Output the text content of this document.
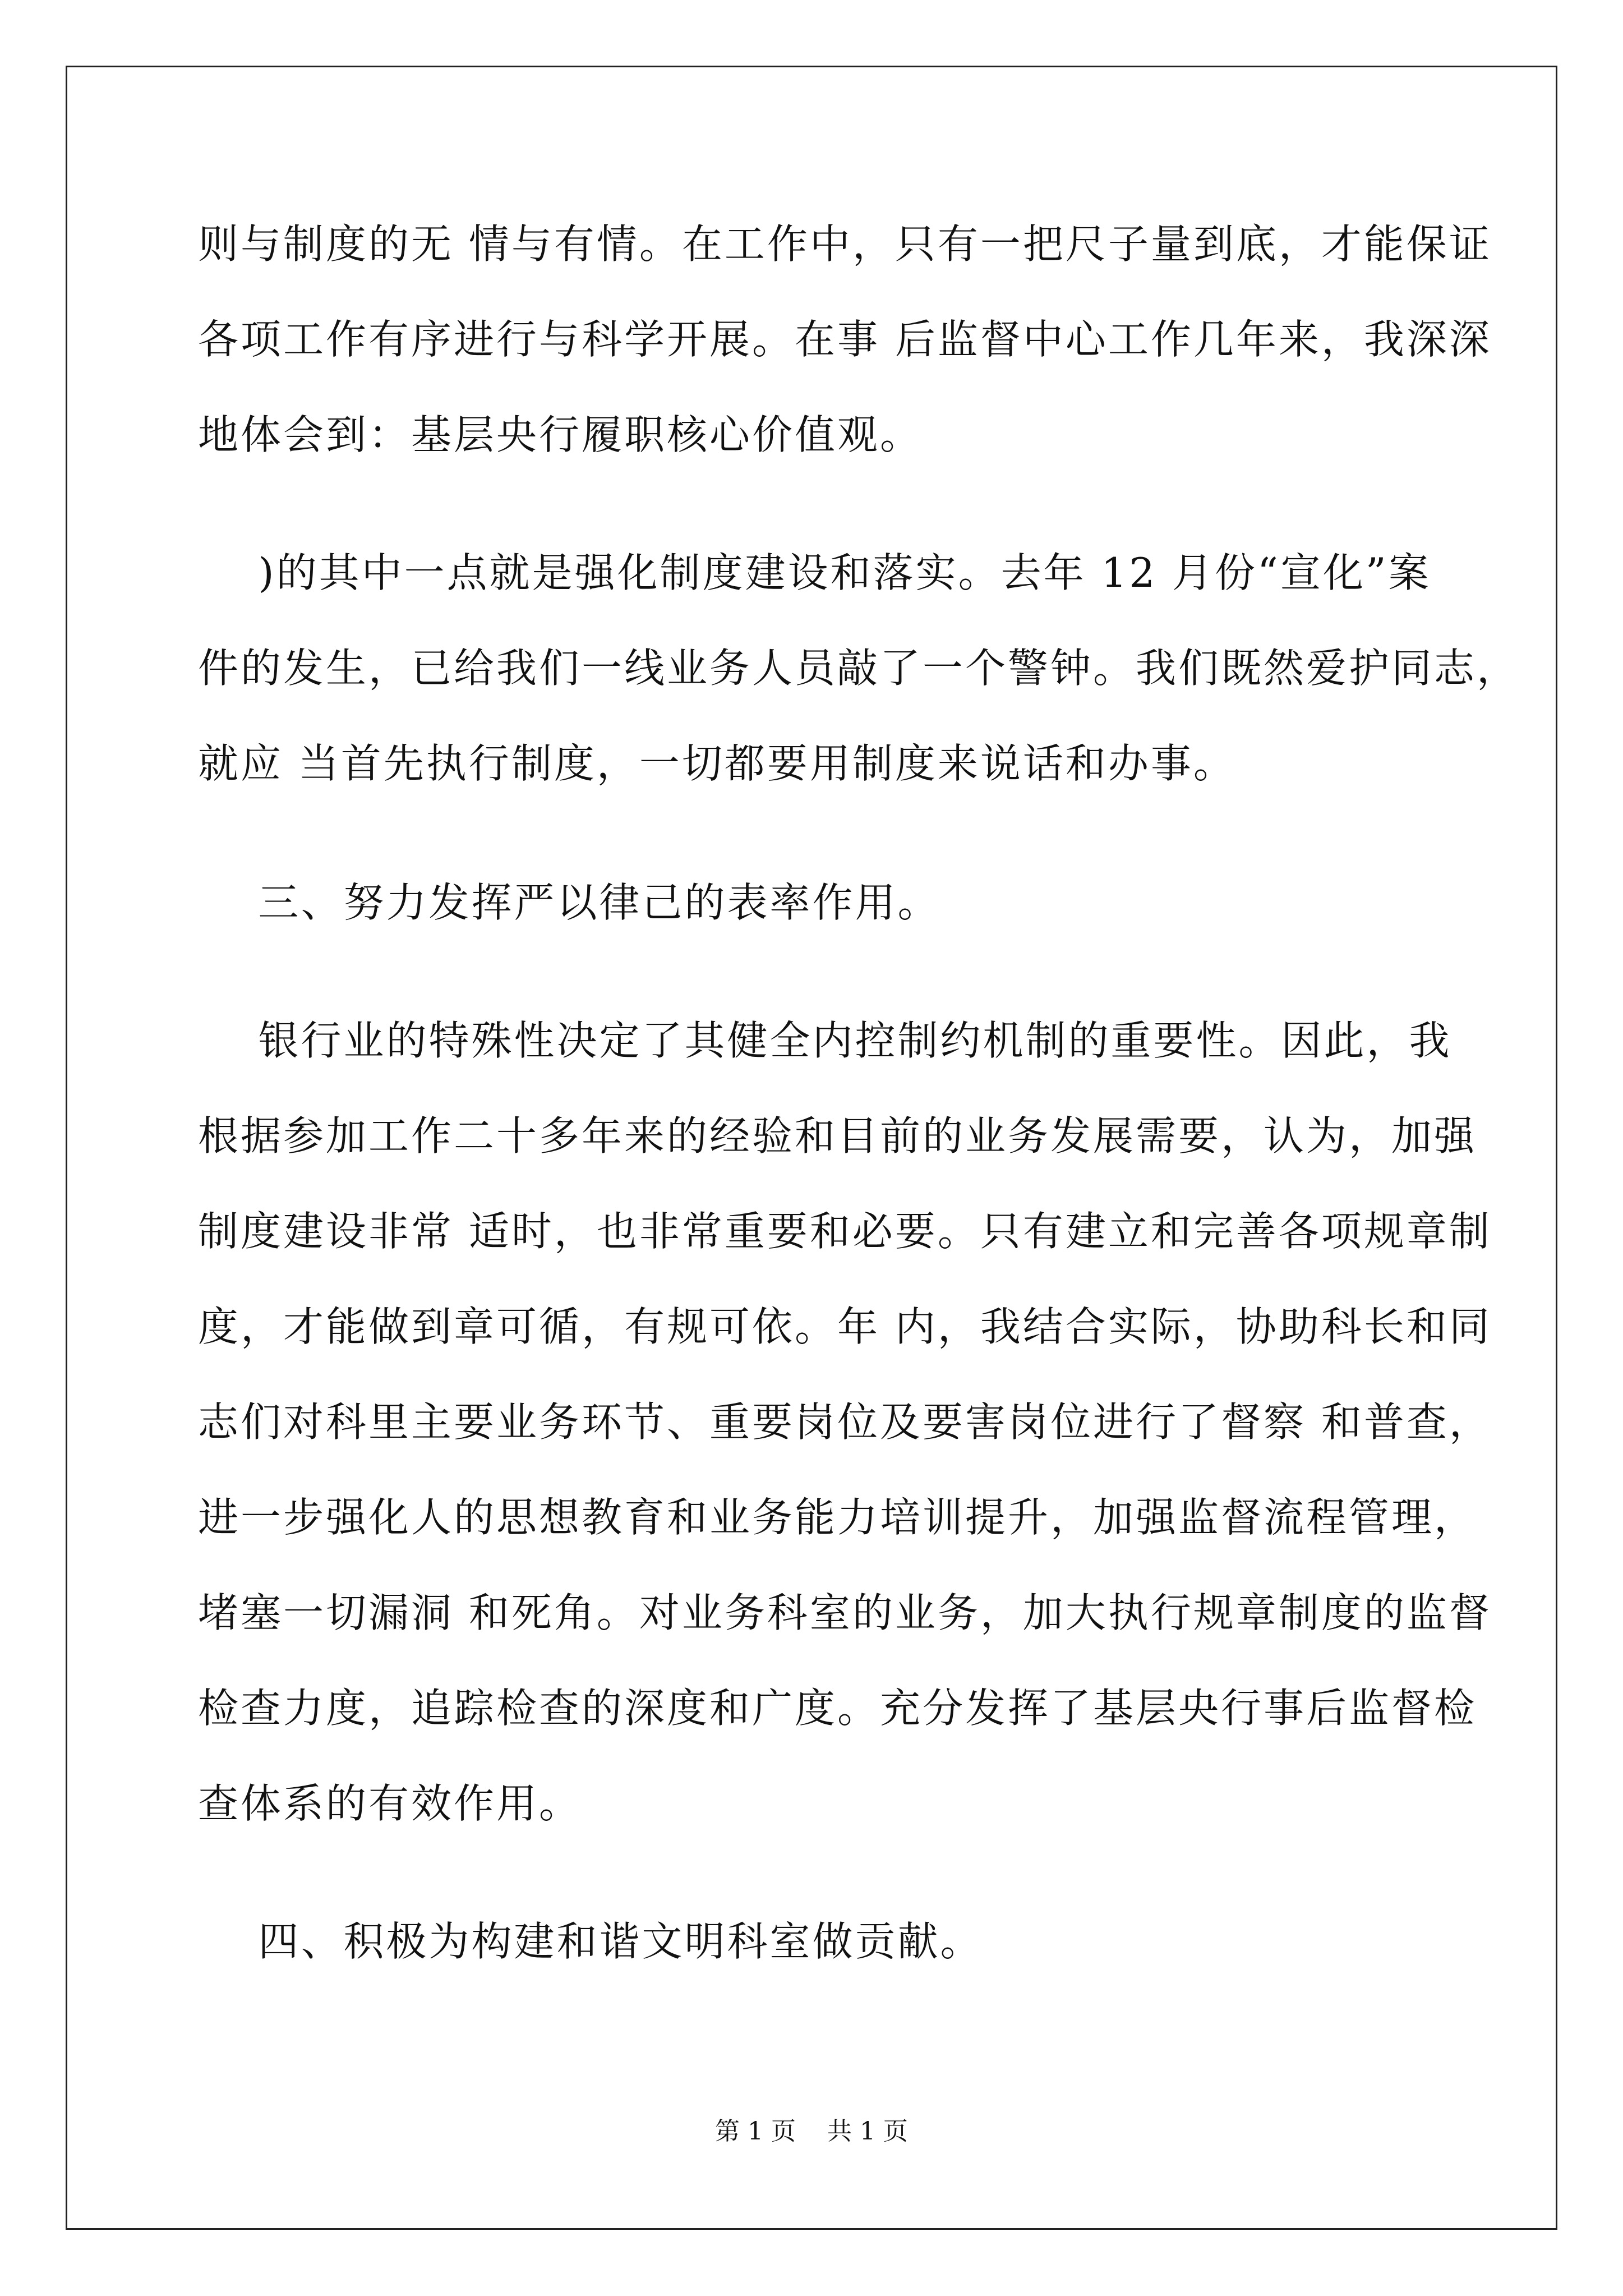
则与制度的无 情与有情。在工作中，只有一把尺子量到底，才能保证
各项工作有序进行与科学开展。在事 后监督中心工作几年来，我深深
地体会到：基层央行履职核心价值观。
)的其中一点就是强化制度建设和落实。去年 12 月份“宣化”案
件的发生，已给我们一线业务人员敲了一个警钟。我们既然爱护同志，
就应 当首先执行制度，一切都要用制度来说话和办事。
三、努力发挥严以律己的表率作用。
银行业的特殊性决定了其健全内控制约机制的重要性。因此，我
根据参加工作二十多年来的经验和目前的业务发展需要，认为，加强
制度建设非常 适时，也非常重要和必要。只有建立和完善各项规章制
度，才能做到章可循，有规可依。年 内，我结合实际，协助科长和同
志们对科里主要业务环节、重要岗位及要害岗位进行了督察 和普查，
进一步强化人的思想教育和业务能力培训提升，加强监督流程管理，
堵塞一切漏洞 和死角。对业务科室的业务，加大执行规章制度的监督
检查力度，追踪检查的深度和广度。充分发挥了基层央行事后监督检
查体系的有效作用。
四、积极为构建和谐文明科室做贡献。
第 1 页    共 1 页
